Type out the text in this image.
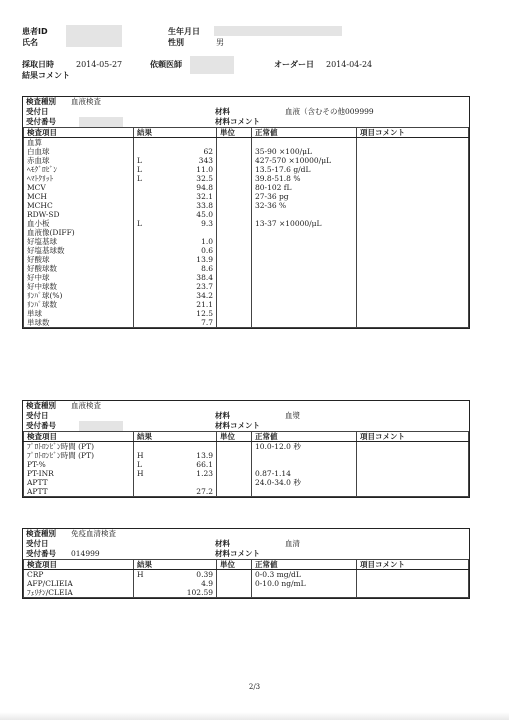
患者ID	生年月日
氏名	性別	男
採取日時	2014-05-27	依頼医師	オーダー日 2014-04-24
結果コメント
検査種別 血液検査
受付日	材料	血液（含むその他009999
受付番号	材料コメント
検査項目	結果	単位	正常値	項目コメント
血算	

白血球	62		35-90 ×100/μL	
赤血球	L 343		427-570 ×10000/μL	
ﾍﾓｸﾞﾛﾋﾞﾝ	L 11.0		13.5-17.6 g/dL	
ﾍﾏﾄｸﾘｯﾄ	L 32.5		39.8-51.8 %	
MCV	94.8		80-102 fL	
MCH	32.1		27-36 pg	
MCHC	33.8		32-36 %	
RDW-SD	45.0			

血小板	L 9.3		13-37 ×10000/μL	
血液像(DIFF)	

好塩基球	1.0			

好塩基球数	0.6			

好酸球	13.9			

好酸球数	8.6			

好中球	38.4			

好中球数	23.7			

ﾘﾝﾊﾟ球(%)	34.2			

ﾘﾝﾊﾟ球数	21.1			

単球	12.5			

単球数	7.7			

検査種別 血液検査
受付日	材料	血漿
受付番号	材料コメント
検査項目	結果	単位	正常値	項目コメント
ﾌﾟﾛﾄﾛﾝﾋﾞﾝ時間 (PT)			10.0-12.0 秒	
ﾌﾟﾛﾄﾛﾝﾋﾞﾝ時間 (PT)	H 13.9			

PT-%	L 66.1			

PT-INR	H 1.23		0.87-1.14	
APTT			24.0-34.0 秒	
APTT	27.2			

検査種別 免疫血清検査
受付日	材料	血清
受付番号 014999	材料コメント
検査項目	結果	単位	正常値	項目コメント
CRP	H 0.39		0-0.3 mg/dL	
AFP/CLIEIA	4.9		0-10.0 ng/mL	
ﾌｪﾘﾁﾝ/CLEIA	102.59			

2/3
